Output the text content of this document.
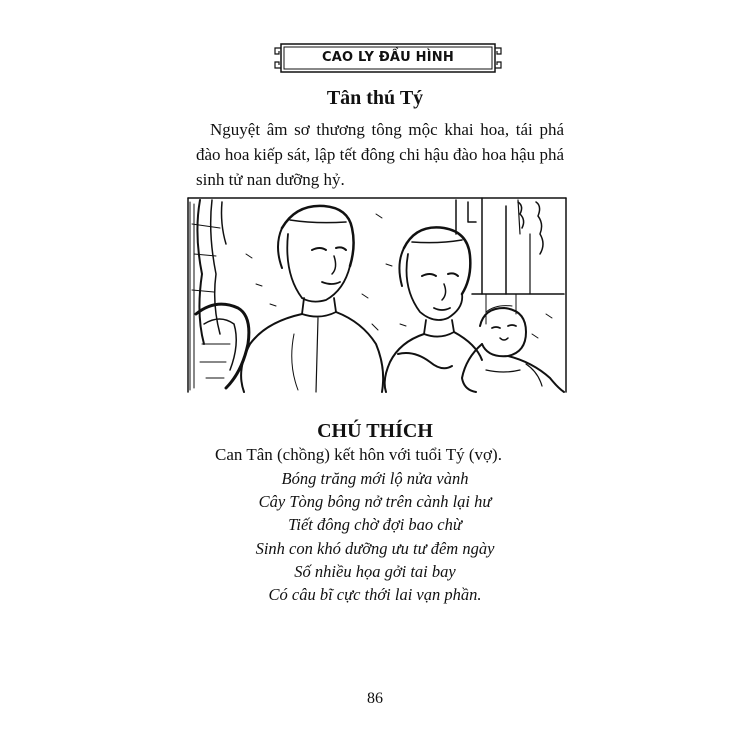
CAO LY ĐẦU HÌNH
Tân thú Tý

Nguyệt âm sơ thương tông mộc khai hoa, tái phá đào hoa kiếp sát, lập tết đông chi hậu đào hoa hậu phá sinh tử nan dưỡng hỷ.

CHÚ THÍCH

Can Tân (chồng) kết hôn với tuổi Tý (vợ).

Bóng trăng mới lộ nửa vành
Cây Tòng bông nở trên cành lại hư
Tiết đông chờ đợi bao chừ
Sinh con khó dưỡng ưu tư đêm ngày
Số nhiều họa gởi tai bay
Có câu bĩ cực thới lai vạn phần.
86
